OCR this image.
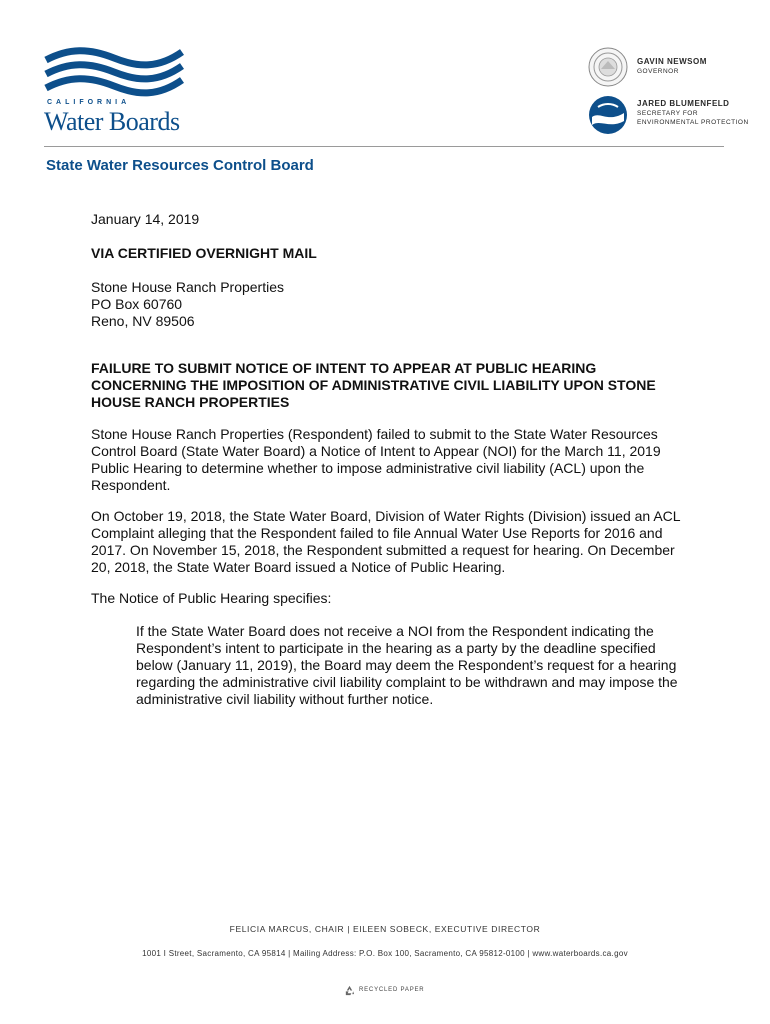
CALIFORNIA
Water Boards
GAVIN NEWSOM
GOVERNOR
JARED BLUMENFELD
SECRETARY FOR
ENVIRONMENTAL PROTECTION
State Water Resources Control Board
January 14, 2019
VIA CERTIFIED OVERNIGHT MAIL
Stone House Ranch Properties
PO Box 60760
Reno, NV 89506
FAILURE TO SUBMIT NOTICE OF INTENT TO APPEAR AT PUBLIC HEARING
CONCERNING THE IMPOSITION OF ADMINISTRATIVE CIVIL LIABILITY UPON STONE
HOUSE RANCH PROPERTIES
Stone House Ranch Properties (Respondent) failed to submit to the State Water Resources Control Board (State Water Board) a Notice of Intent to Appear (NOI) for the March 11, 2019 Public Hearing to determine whether to impose administrative civil liability (ACL) upon the Respondent.
On October 19, 2018, the State Water Board, Division of Water Rights (Division) issued an ACL Complaint alleging that the Respondent failed to file Annual Water Use Reports for 2016 and 2017. On November 15, 2018, the Respondent submitted a request for hearing. On December 20, 2018, the State Water Board issued a Notice of Public Hearing.
The Notice of Public Hearing specifies:
If the State Water Board does not receive a NOI from the Respondent indicating the Respondent’s intent to participate in the hearing as a party by the deadline specified below (January 11, 2019), the Board may deem the Respondent’s request for a hearing regarding the administrative civil liability complaint to be withdrawn and may impose the administrative civil liability without further notice.
FELICIA MARCUS, CHAIR | EILEEN SOBECK, EXECUTIVE DIRECTOR
1001 I Street, Sacramento, CA 95814 | Mailing Address: P.O. Box 100, Sacramento, CA 95812-0100 | www.waterboards.ca.gov
RECYCLED PAPER
